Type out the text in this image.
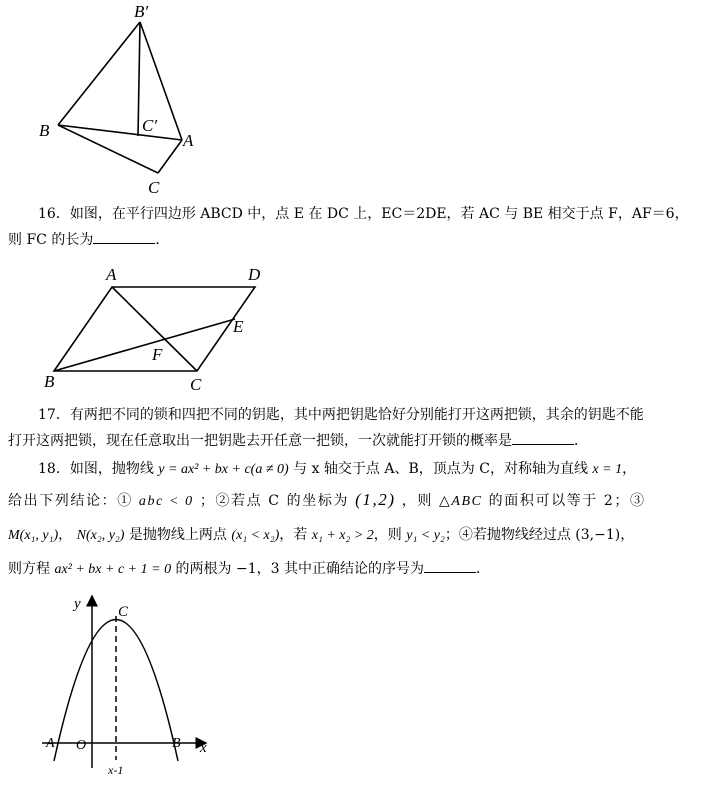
B′
B	C′
A
C
16．如图，在平行四边形 ABCD 中，点 E 在 DC 上，EC＝2DE，若 AC 与 BE 相交于点 F，AF＝6，
则 FC 的长为	．
A	D
E
F
B	C
17．有两把不同的锁和四把不同的钥匙，其中两把钥匙恰好分别能打开这两把锁，其余的钥匙不能
打开这两把锁，现在任意取出一把钥匙去开任意一把锁，一次就能打开锁的概率是	．
18．如图，抛物线 y = ax² + bx + c(a ≠ 0) 与 x 轴交于点 A、B，顶点为 C，对称轴为直线 x = 1，
给出下列结论：① abc < 0 ；②若点 C 的坐标为 (1,2) ，则 △ABC 的面积可以等于 2；③
M(x₁, y₁)， N(x₂, y₂) 是抛物线上两点 (x₁ < x₂)，若 x₁ + x₂ > 2，则 y₁ < y₂；④若抛物线经过点 (3,−1)，
则方程 ax² + bx + c + 1 = 0 的两根为 −1，3 其中正确结论的序号为	．
y C
A O	B x
x-1
